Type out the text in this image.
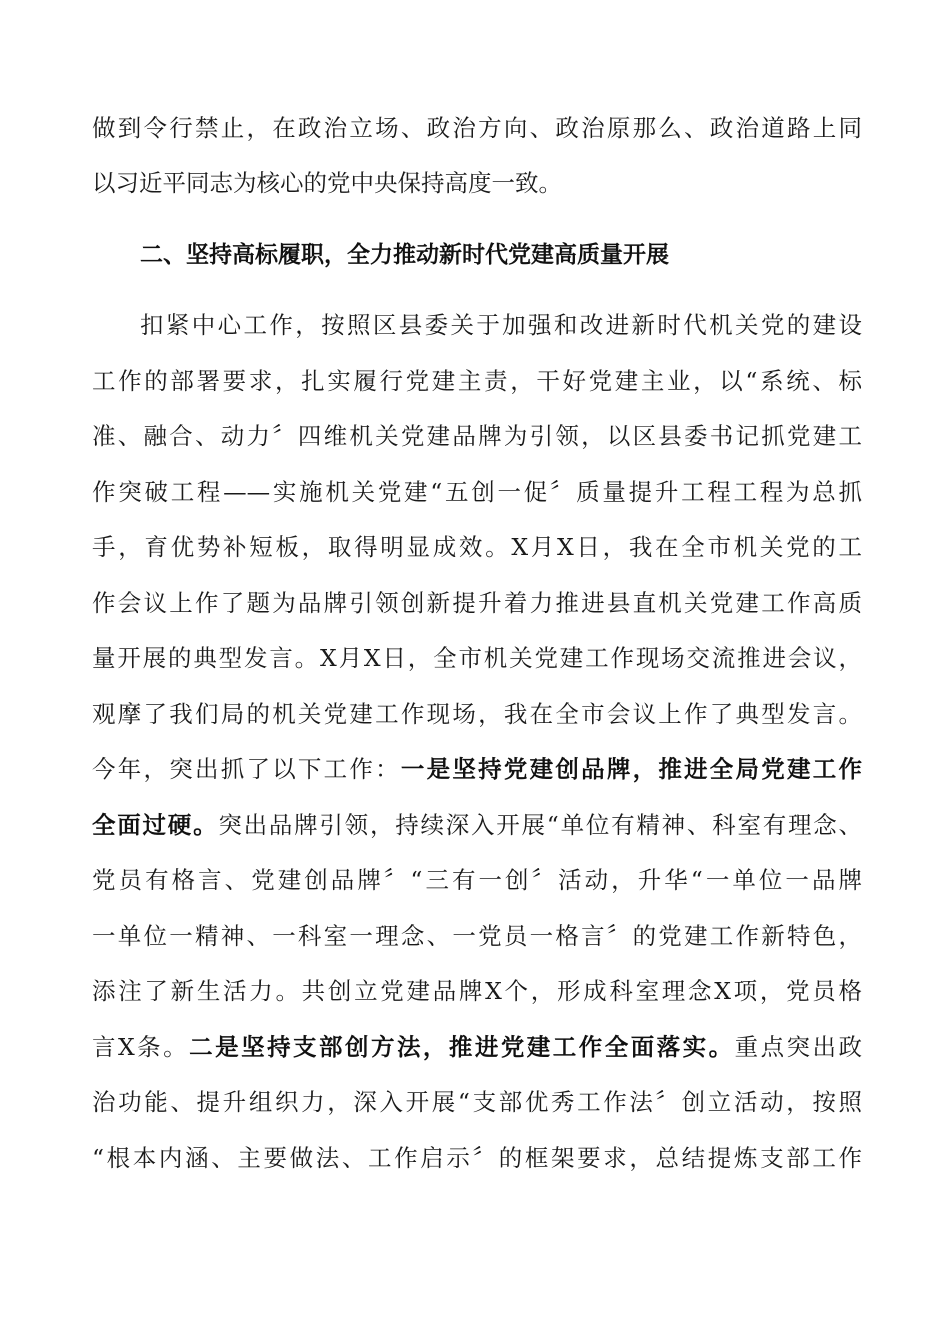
做到令行禁止，在政治立场、政治方向、政治原那么、政治道路上同

以习近平同志为核心的党中央保持高度一致。

二、坚持高标履职，全力推动新时代党建高质量开展

扣紧中心工作，按照区县委关于加强和改进新时代机关党的建设

工作的部署要求，扎实履行党建主责，干好党建主业，以“系统、标

准、融合、动力〞四维机关党建品牌为引领，以区县委书记抓党建工

作突破工程——实施机关党建“五创一促〞质量提升工程工程为总抓

手，育优势补短板，取得明显成效。X月X日，我在全市机关党的工

作会议上作了题为品牌引领创新提升着力推进县直机关党建工作高质

量开展的典型发言。X月X日，全市机关党建工作现场交流推进会议，

观摩了我们局的机关党建工作现场，我在全市会议上作了典型发言。

今年，突出抓了以下工作：一是坚持党建创品牌，推进全局党建工作

全面过硬。突出品牌引领，持续深入开展“单位有精神、科室有理念、

党员有格言、党建创品牌〞“三有一创〞活动，升华“一单位一品牌

一单位一精神、一科室一理念、一党员一格言〞的党建工作新特色，

添注了新生活力。共创立党建品牌X个，形成科室理念X项，党员格

言X条。二是坚持支部创方法，推进党建工作全面落实。重点突出政

治功能、提升组织力，深入开展“支部优秀工作法〞创立活动，按照

“根本内涵、主要做法、工作启示〞的框架要求，总结提炼支部工作
